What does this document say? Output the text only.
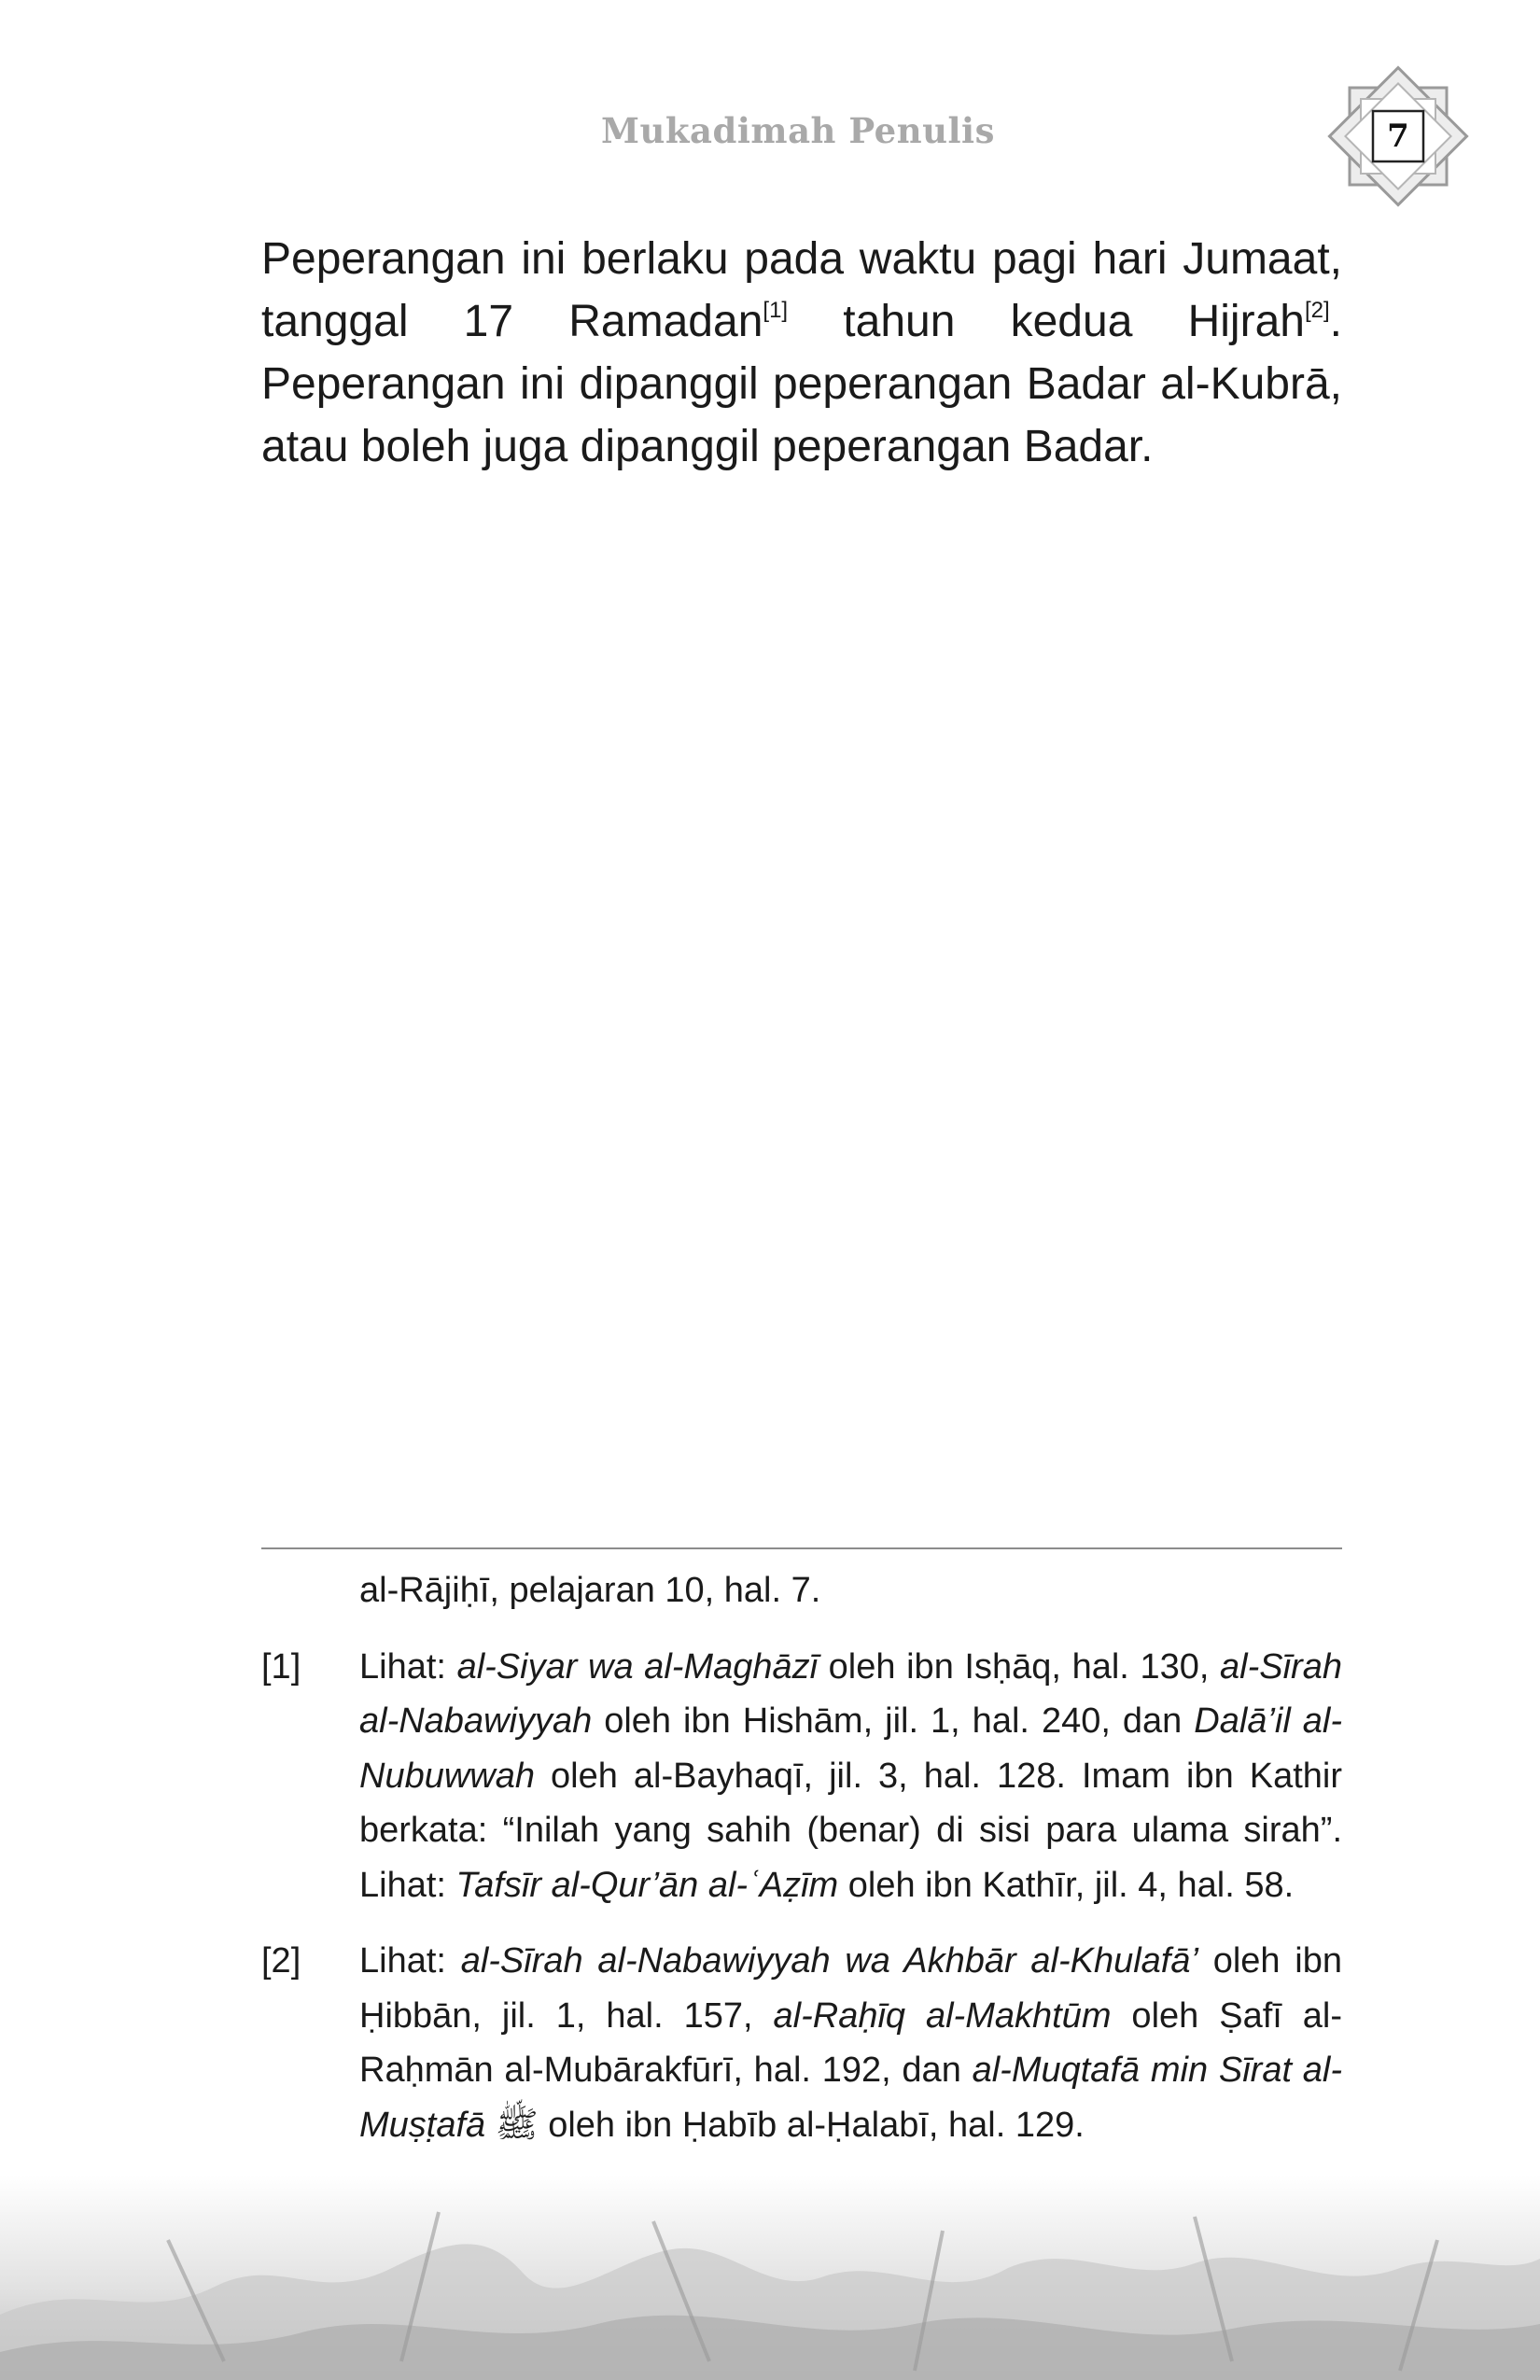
Mukadimah Penulis	7

Peperangan ini berlaku pada waktu pagi hari Jumaat, tanggal 17 Ramadan[1] tahun kedua Hijrah[2]. Peperangan ini dipanggil peperangan Badar al-Kubrā, atau boleh juga dipanggil peperangan Badar.

al-Rājiḥī, pelajaran 10, hal. 7.
[1]	Lihat: al-Siyar wa al-Maghāzī oleh ibn Isḥāq, hal. 130, al-Sīrah al-Nabawiyyah oleh ibn Hishām, jil. 1, hal. 240, dan Dalā’il al-Nubuwwah oleh al-Bayhaqī, jil. 3, hal. 128. Imam ibn Kathir berkata: “Inilah yang sahih (benar) di sisi para ulama sirah”. Lihat: Tafsīr al-Qur’ān al-ʿAẓīm oleh ibn Kathīr, jil. 4, hal. 58.
[2]	Lihat: al-Sīrah al-Nabawiyyah wa Akhbār al-Khulafā’ oleh ibn Ḥibbān, jil. 1, hal. 157, al-Raḥīq al-Makhtūm oleh Ṣafī al-Raḥmān al-Mubārakfūrī, hal. 192, dan al-Muqtafā min Sīrat al-Muṣṭafā ﷺ oleh ibn Ḥabīb al-Ḥalabī, hal. 129.
